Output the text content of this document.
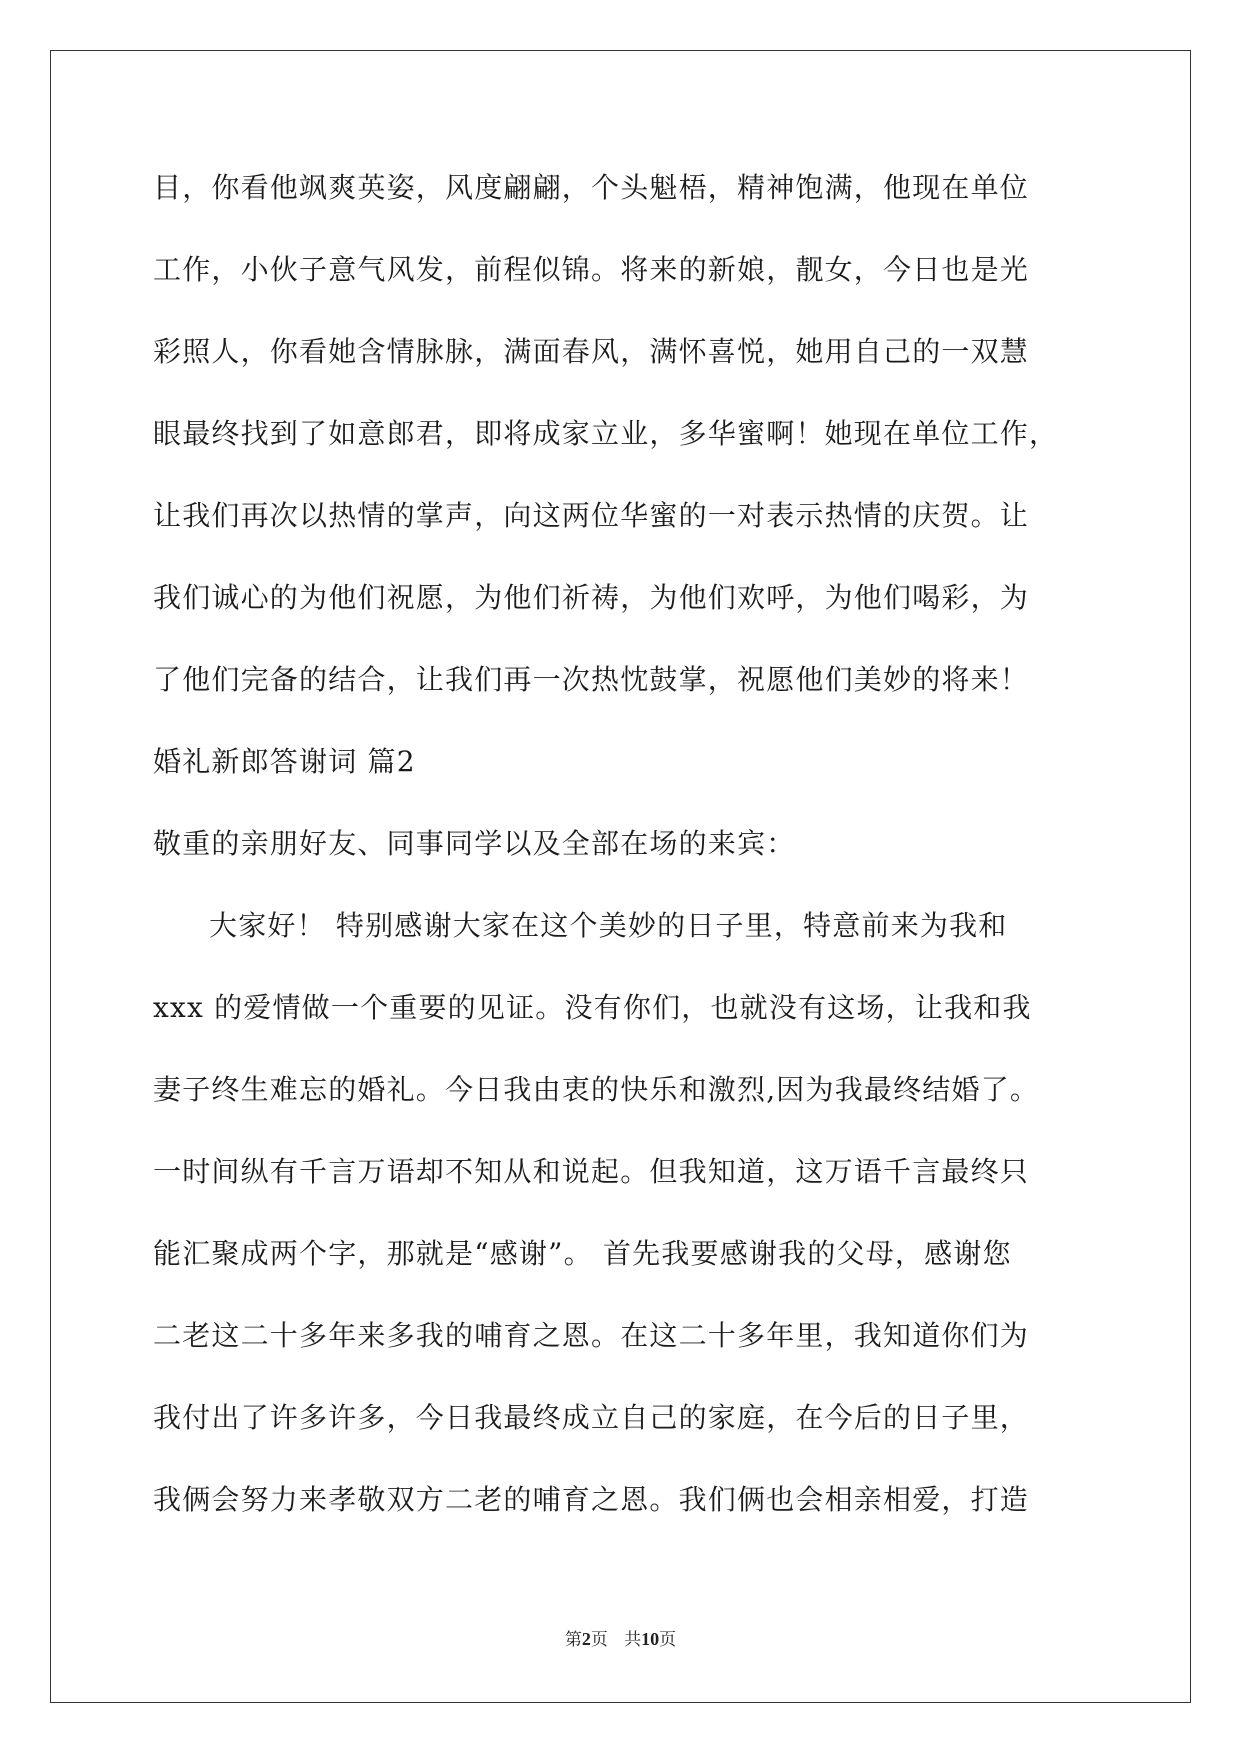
目，你看他飒爽英姿，风度翩翩，个头魁梧，精神饱满，他现在单位
工作，小伙子意气风发，前程似锦。将来的新娘，靓女，今日也是光
彩照人，你看她含情脉脉，满面春风，满怀喜悦，她用自己的一双慧
眼最终找到了如意郎君，即将成家立业，多华蜜啊！她现在单位工作，
让我们再次以热情的掌声，向这两位华蜜的一对表示热情的庆贺。让
我们诚心的为他们祝愿，为他们祈祷，为他们欢呼，为他们喝彩，为
了他们完备的结合，让我们再一次热忱鼓掌，祝愿他们美妙的将来！
婚礼新郎答谢词 篇2
敬重的亲朋好友、同事同学以及全部在场的来宾：
大家好！ 特别感谢大家在这个美妙的日子里，特意前来为我和
xxx 的爱情做一个重要的见证。没有你们，也就没有这场，让我和我
妻子终生难忘的婚礼。今日我由衷的快乐和激烈,因为我最终结婚了。
一时间纵有千言万语却不知从和说起。但我知道，这万语千言最终只
能汇聚成两个字，那就是“感谢”。 首先我要感谢我的父母，感谢您
二老这二十多年来多我的哺育之恩。在这二十多年里，我知道你们为
我付出了许多许多，今日我最终成立自己的家庭，在今后的日子里，
我俩会努力来孝敬双方二老的哺育之恩。我们俩也会相亲相爱，打造
第2页 共10页
